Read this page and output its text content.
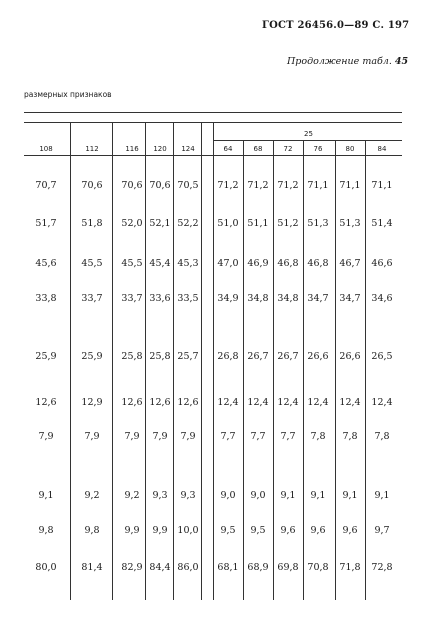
ГОСТ 26456.0—89 С. 197
Продолжение табл. 45
размерных признаков
25
108	112	116	120	124	64	68	72	76	80	84
70,7	70,6	70,6 70,6 70,5	71,2 71,2 71,2 71,1	71,1	71,1
51,7	51,8	52,0 52,1 52,2	51,0 51,1 51,2 51,3	51,3	51,4
45,6	45,5	45,5 45,4 45,3	47,0 46,9 46,8 46,8	46,7	46,6
33,8	33,7	33,7 33,6 33,5	34,9 34,8 34,8 34,7	34,7	34,6
25,9	25,9	25,8 25,8 25,7	26,8 26,7 26,7 26,6	26,6	26,5
12,6	12,9	12,6 12,6 12,6	12,4 12,4 12,4 12,4	12,4	12,4
7,9	7,9	7,9	7,9	7,9	7,7	7,7	7,7	7,8	7,8	7,8
9,1	9,2	9,2	9,3	9,3	9,0	9,0	9,1	9,1	9,1	9,1
9,8	9,8	9,9	9,9	10,0	9,5	9,5	9,6	9,6	9,6	9,7
80,0	81,4	82,9 84,4 86,0	68,1 68,9 69,8 70,8	71,8	72,8
